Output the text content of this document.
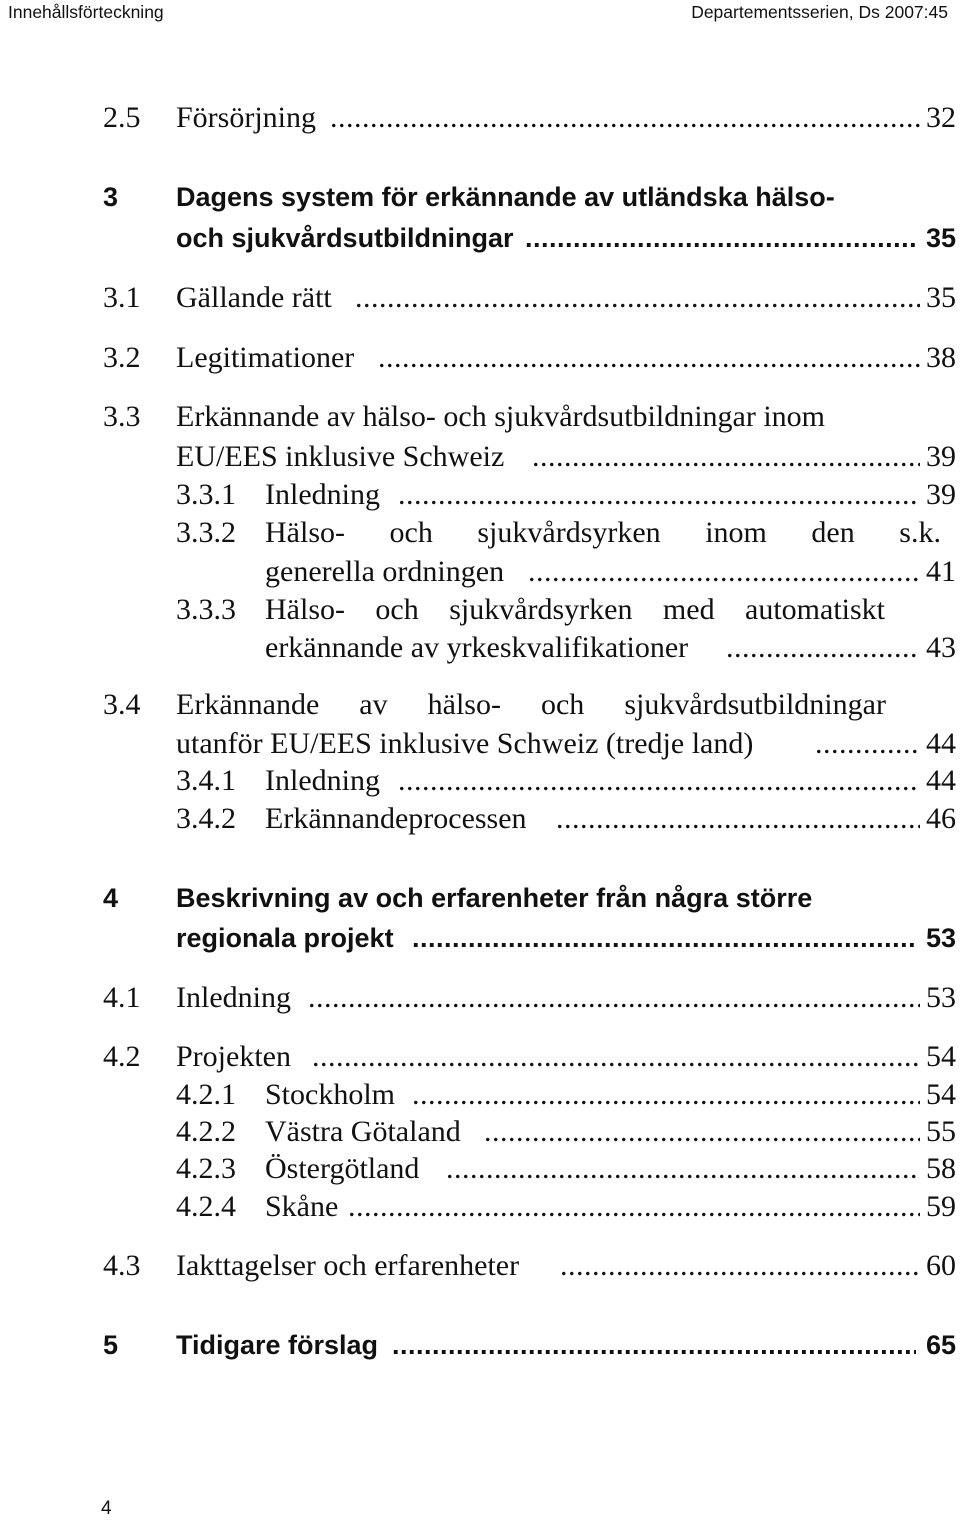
Innehållsförteckning	Departementsserien, Ds 2007:45
2.5 Försörjning .....	32
3 Dagens system för erkännande av utländska hälso-
och sjukvårdsutbildningar .....	35
3.1 Gällande rätt .....	35
3.2 Legitimationer .....	38
3.3 Erkännande av hälso- och sjukvårdsutbildningar inom
EU/EES inklusive Schweiz .....	39
3.3.1 Inledning .....	39
3.3.2 Hälso- och sjukvårdsyrken inom den s.k.
generella ordningen .....	41
3.3.3 Hälso- och sjukvårdsyrken med automatiskt
erkännande av yrkeskvalifikationer .....	43
3.4 Erkännande av hälso- och sjukvårdsutbildningar
utanför EU/EES inklusive Schweiz (tredje land) .....	44
3.4.1 Inledning .....	44
3.4.2 Erkännandeprocessen .....	46
4 Beskrivning av och erfarenheter från några större
regionala projekt .....	53
4.1 Inledning .....	53
4.2 Projekten .....	54
4.2.1 Stockholm .....	54
4.2.2 Västra Götaland .....	55
4.2.3 Östergötland .....	58
4.2.4 Skåne .....	59
4.3 Iakttagelser och erfarenheter .....	60
5 Tidigare förslag .....	65
4
